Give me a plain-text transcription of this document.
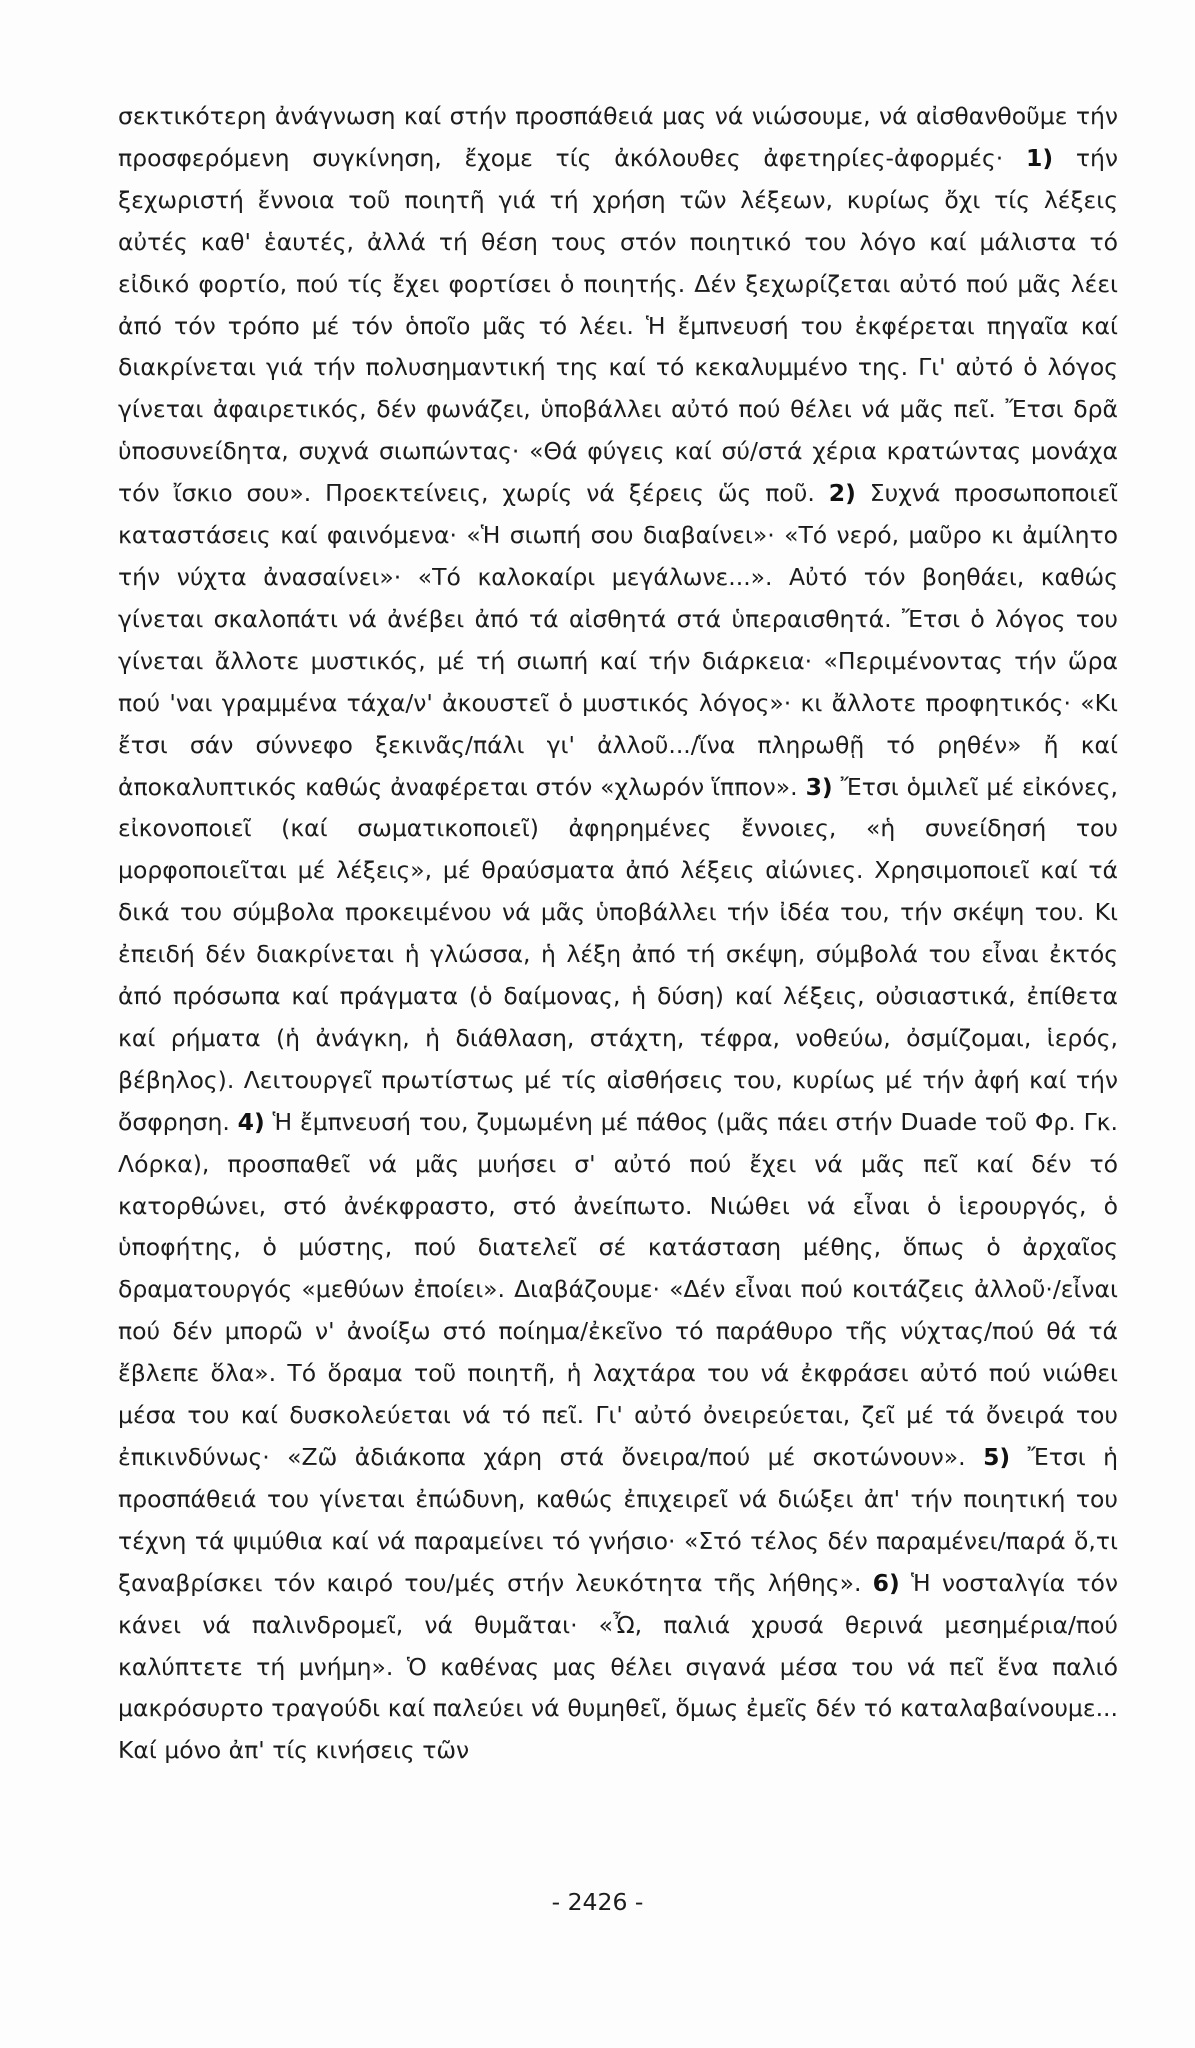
σεκτικότερη ἀνάγνωση καί στήν προσπάθειά μας νά νιώσουμε, νά αἰσθανθοῦμε τήν προσφερόμενη συγκίνηση, ἔχομε τίς ἀκόλουθες ἀφετηρίες-ἀφορμές· 1) τήν ξεχωριστή ἔννοια τοῦ ποιητῆ γιά τή χρήση τῶν λέξεων, κυρίως ὄχι τίς λέξεις αὐτές καθ' ἑαυτές, ἀλλά τή θέση τους στόν ποιητικό του λόγο καί μάλιστα τό εἰδικό φορτίο, πού τίς ἔχει φορτίσει ὁ ποιητής. Δέν ξεχωρίζεται αὐτό πού μᾶς λέει ἀπό τόν τρόπο μέ τόν ὁποῖο μᾶς τό λέει. Ἡ ἔμπνευσή του ἐκφέρεται πηγαῖα καί διακρίνεται γιά τήν πολυσημαντική της καί τό κεκαλυμμένο της. Γι' αὐτό ὁ λόγος γίνεται ἀφαιρετικός, δέν φωνάζει, ὑποβάλλει αὐτό πού θέλει νά μᾶς πεῖ. Ἔτσι δρᾶ ὑποσυνείδητα, συχνά σιωπώντας· «Θά φύγεις καί σύ/στά χέρια κρατώντας μονάχα τόν ἴσκιο σου». Προεκτείνεις, χωρίς νά ξέρεις ὥς ποῦ. 2) Συχνά προσωποποιεῖ καταστάσεις καί φαινόμενα· «Ἡ σιωπή σου διαβαίνει»· «Τό νερό, μαῦρο κι ἀμίλητο τήν νύχτα ἀνασαίνει»· «Τό καλοκαίρι μεγάλωνε...». Αὐτό τόν βοηθάει, καθώς γίνεται σκαλοπάτι νά ἀνέβει ἀπό τά αἰσθητά στά ὑπεραισθητά. Ἔτσι ὁ λόγος του γίνεται ἄλλοτε μυστικός, μέ τή σιωπή καί τήν διάρκεια· «Περιμένοντας τήν ὥρα πού 'ναι γραμμένα τάχα/ν' ἀκουστεῖ ὁ μυστικός λόγος»· κι ἄλλοτε προφητικός· «Κι ἔτσι σάν σύννεφο ξεκινᾶς/πάλι γι' ἀλλοῦ.../ἵνα πληρωθῇ τό ρηθέν» ἤ καί ἀποκαλυπτικός καθώς ἀναφέρεται στόν «χλωρόν ἵππον». 3) Ἔτσι ὁμιλεῖ μέ εἰκόνες, εἰκονοποιεῖ (καί σωματικοποιεῖ) ἀφηρημένες ἔννοιες, «ἡ συνείδησή του μορφοποιεῖται μέ λέξεις», μέ θραύσματα ἀπό λέξεις αἰώνιες. Χρησιμοποιεῖ καί τά δικά του σύμβολα προκειμένου νά μᾶς ὑποβάλλει τήν ἰδέα του, τήν σκέψη του. Κι ἐπειδή δέν διακρίνεται ἡ γλώσσα, ἡ λέξη ἀπό τή σκέψη, σύμβολά του εἶναι ἐκτός ἀπό πρόσωπα καί πράγματα (ὁ δαίμονας, ἡ δύση) καί λέξεις, οὐσιαστικά, ἐπίθετα καί ρήματα (ἡ ἀνάγκη, ἡ διάθλαση, στάχτη, τέφρα, νοθεύω, ὀσμίζομαι, ἱερός, βέβηλος). Λειτουργεῖ πρωτίστως μέ τίς αἰσθήσεις του, κυρίως μέ τήν ἀφή καί τήν ὄσφρηση. 4) Ἡ ἔμπνευσή του, ζυμωμένη μέ πάθος (μᾶς πάει στήν Duade τοῦ Φρ. Γκ. Λόρκα), προσπαθεῖ νά μᾶς μυήσει σ' αὐτό πού ἔχει νά μᾶς πεῖ καί δέν τό κατορθώνει, στό ἀνέκφραστο, στό ἀνείπωτο. Νιώθει νά εἶναι ὁ ἱερουργός, ὁ ὑποφήτης, ὁ μύστης, πού διατελεῖ σέ κατάσταση μέθης, ὅπως ὁ ἀρχαῖος δραματουργός «μεθύων ἐποίει». Διαβάζουμε· «Δέν εἶναι πού κοιτάζεις ἀλλοῦ·/εἶναι πού δέν μπορῶ ν' ἀνοίξω στό ποίημα/ἐκεῖνο τό παράθυρο τῆς νύχτας/πού θά τά ἔβλεπε ὅλα». Τό ὅραμα τοῦ ποιητῆ, ἡ λαχτάρα του νά ἐκφράσει αὐτό πού νιώθει μέσα του καί δυσκολεύεται νά τό πεῖ. Γι' αὐτό ὀνειρεύεται, ζεῖ μέ τά ὄνειρά του ἐπικινδύνως· «Ζῶ ἀδιάκοπα χάρη στά ὄνειρα/πού μέ σκοτώνουν». 5) Ἔτσι ἡ προσπάθειά του γίνεται ἐπώδυνη, καθώς ἐπιχειρεῖ νά διώξει ἀπ' τήν ποιητική του τέχνη τά ψιμύθια καί νά παραμείνει τό γνήσιο· «Στό τέλος δέν παραμένει/παρά ὅ,τι ξαναβρίσκει τόν καιρό του/μές στήν λευκότητα τῆς λήθης». 6) Ἡ νοσταλγία τόν κάνει νά παλινδρομεῖ, νά θυμᾶται· «Ὦ, παλιά χρυσά θερινά μεσημέρια/πού καλύπτετε τή μνήμη». Ὁ καθένας μας θέλει σιγανά μέσα του νά πεῖ ἕνα παλιό μακρόσυρτο τραγούδι καί παλεύει νά θυμηθεῖ, ὅμως ἐμεῖς δέν τό καταλαβαίνουμε... Καί μόνο ἀπ' τίς κινήσεις τῶν

- 2426 -
